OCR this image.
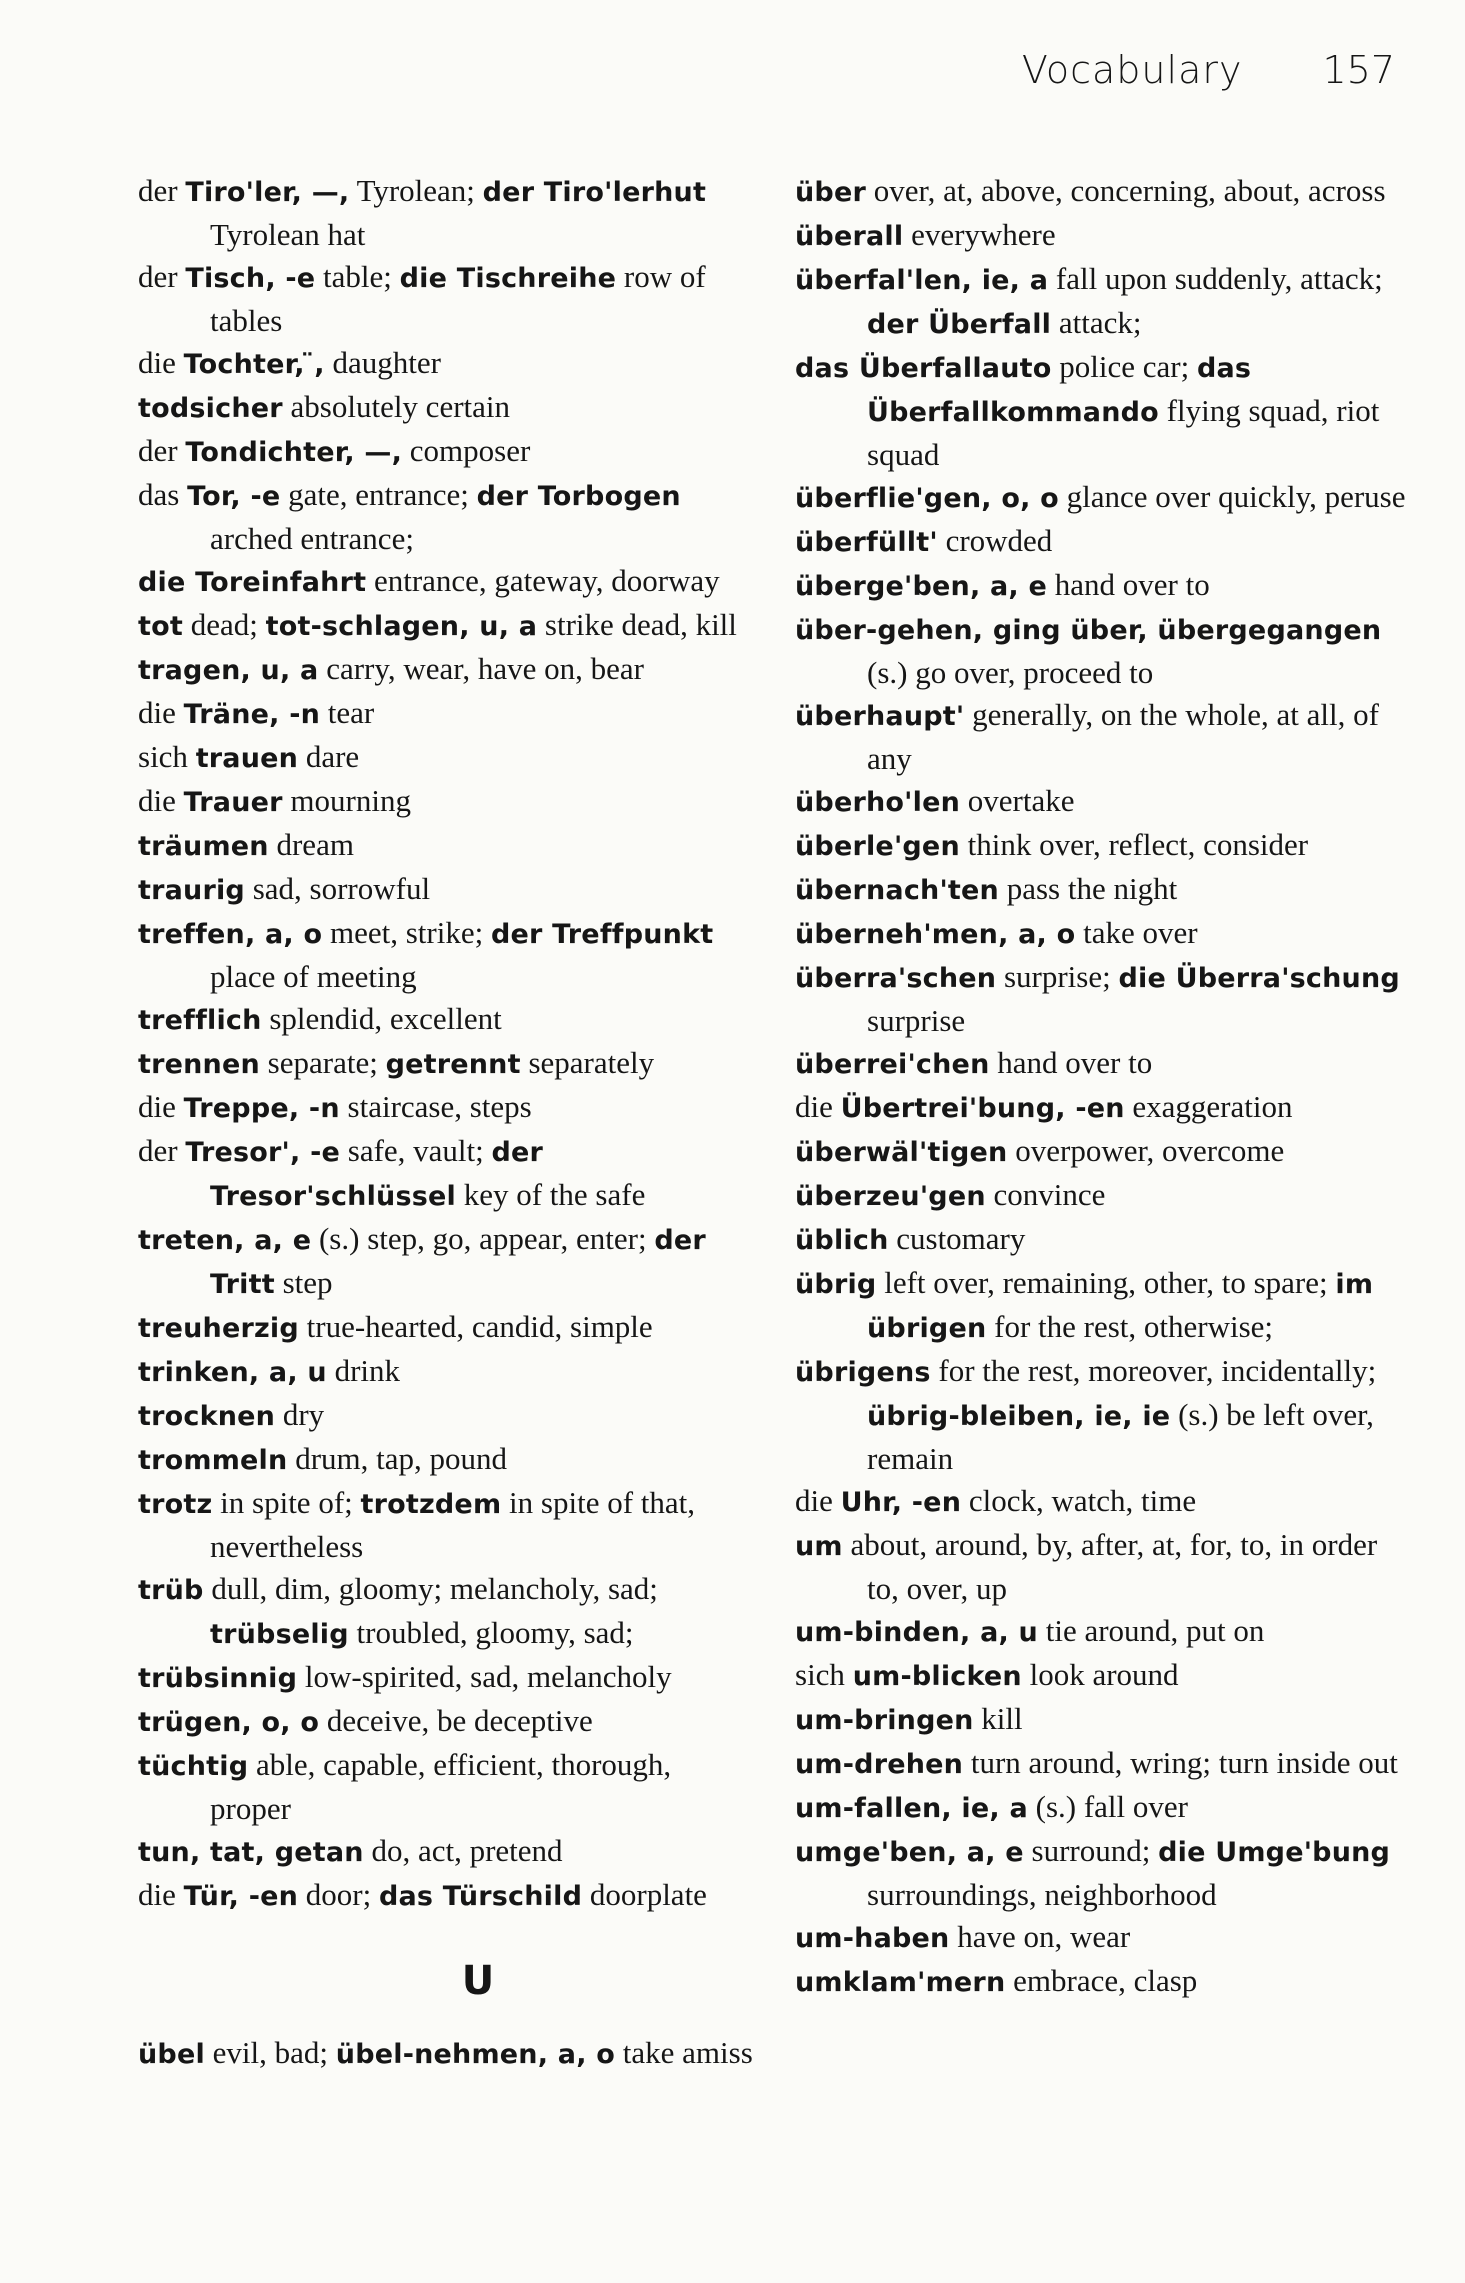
Vocabulary 157
der Tiro'ler, —, Tyrolean; der Tiro'lerhut Tyrolean hat
der Tisch, -e table; die Tischreihe row of tables
die Tochter, ̈, daughter
todsicher absolutely certain
der Tondichter, —, composer
das Tor, -e gate, entrance; der Torbogen arched entrance;
die Toreinfahrt entrance, gateway, doorway
tot dead; tot-schlagen, u, a strike dead, kill
tragen, u, a carry, wear, have on, bear
die Träne, -n tear
sich trauen dare
die Trauer mourning
träumen dream
traurig sad, sorrowful
treffen, a, o meet, strike; der Treffpunkt place of meeting
trefflich splendid, excellent
trennen separate; getrennt separately
die Treppe, -n staircase, steps
der Tresor', -e safe, vault; der Tresor'schlüssel key of the safe
treten, a, e (s.) step, go, appear, enter; der Tritt step
treuherzig true-hearted, candid, simple
trinken, a, u drink
trocknen dry
trommeln drum, tap, pound
trotz in spite of; trotzdem in spite of that, nevertheless
trüb dull, dim, gloomy; melancholy, sad; trübselig troubled, gloomy, sad;
trübsinnig low-spirited, sad, melancholy
trügen, o, o deceive, be deceptive
tüchtig able, capable, efficient, thorough, proper
tun, tat, getan do, act, pretend
die Tür, -en door; das Türschild doorplate
U
übel evil, bad; übel-nehmen, a, o take amiss
über over, at, above, concerning, about, across
überall everywhere
überfal'len, ie, a fall upon suddenly, attack; der Überfall attack;
das Überfallauto police car; das Überfallkommando flying squad, riot squad
überflie'gen, o, o glance over quickly, peruse
überfüllt' crowded
überge'ben, a, e hand over to
über-gehen, ging über, übergegangen (s.) go over, proceed to
überhaupt' generally, on the whole, at all, of any
überho'len overtake
überle'gen think over, reflect, consider
übernach'ten pass the night
überneh'men, a, o take over
überra'schen surprise; die Überra'schung surprise
überrei'chen hand over to
die Übertrei'bung, -en exaggeration
überwäl'tigen overpower, overcome
überzeu'gen convince
üblich customary
übrig left over, remaining, other, to spare; im übrigen for the rest, otherwise;
übrigens for the rest, moreover, incidentally; übrig-bleiben, ie, ie (s.) be left over, remain
die Uhr, -en clock, watch, time
um about, around, by, after, at, for, to, in order to, over, up
um-binden, a, u tie around, put on
sich um-blicken look around
um-bringen kill
um-drehen turn around, wring; turn inside out
um-fallen, ie, a (s.) fall over
umge'ben, a, e surround; die Umge'bung surroundings, neighborhood
um-haben have on, wear
umklam'mern embrace, clasp
